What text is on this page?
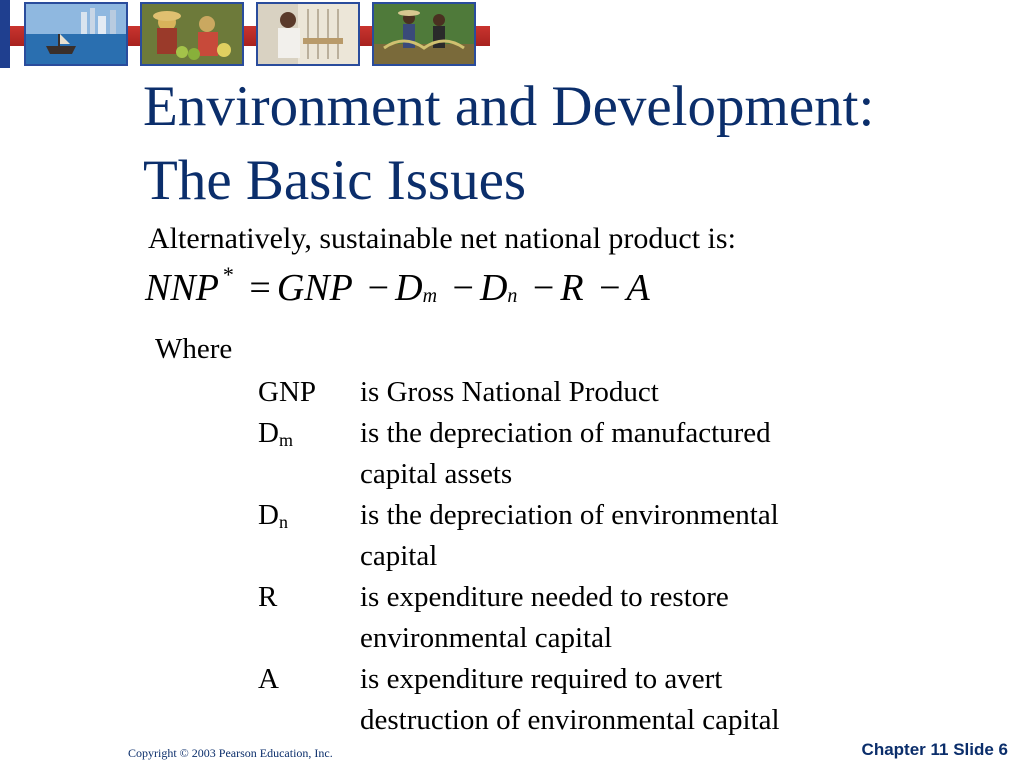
Environment and Development:
The Basic Issues
Alternatively, sustainable net national product is:
NNP * = GNP − $D_m - D_n - R - A$
Where
GNP	is Gross National Product
$D_m$	is the depreciation of manufactured
capital assets
$D_n$	is the depreciation of environmental
capital
R	is expenditure needed to restore
environmental capital
A	is expenditure required to avert
destruction of environmental capital
Copyright © 2003 Pearson Education, Inc.	Chapter 11 Slide 6
